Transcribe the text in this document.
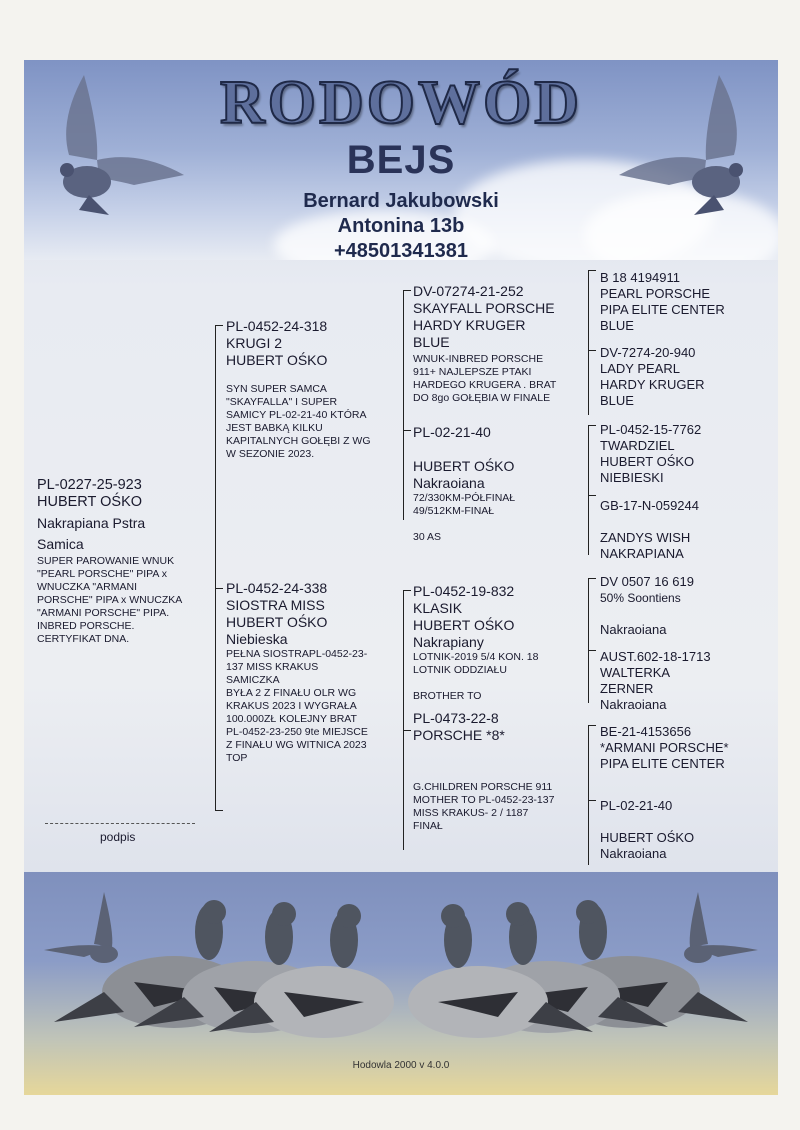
RODOWÓD
BEJS
Bernard Jakubowski
Antonina 13b
+48501341381
Hodowla 2000 v 4.0.0
PL-0227-25-923
HUBERT OŚKO
Nakrapiana Pstra
Samica
SUPER PAROWANIE WNUK
"PEARL PORSCHE" PIPA x
WNUCZKA "ARMANI
PORSCHE" PIPA x WNUCZKA
"ARMANI PORSCHE" PIPA.
INBRED PORSCHE.
CERTYFIKAT DNA.
podpis
PL-0452-24-318
KRUGI 2
HUBERT OŚKO
SYN SUPER SAMCA
"SKAYFALLA" I SUPER
SAMICY PL-02-21-40 KTÓRA
JEST BABKĄ KILKU
KAPITALNYCH GOŁĘBI Z WG
W SEZONIE 2023.
PL-0452-24-338
SIOSTRA MISS
HUBERT OŚKO
Niebieska
PEŁNA SIOSTRAPL-0452-23-
137 MISS KRAKUS
SAMICZKA
BYŁA 2 Z FINAŁU OLR WG
KRAKUS 2023 I WYGRAŁA
100.000ZŁ KOLEJNY BRAT
PL-0452-23-250 9te MIEJSCE
Z FINAŁU WG WITNICA 2023
TOP
DV-07274-21-252
SKAYFALL PORSCHE
HARDY KRUGER
BLUE
WNUK-INBRED PORSCHE
911+ NAJLEPSZE PTAKI
HARDEGO KRUGERA . BRAT
DO 8go GOŁĘBIA W FINALE
PL-02-21-40
HUBERT OŚKO
Nakraoiana
72/330KM-PÓŁFINAŁ
49/512KM-FINAŁ
30 AS
PL-0452-19-832
KLASIK
HUBERT OŚKO
Nakrapiany
LOTNIK-2019 5/4 KON. 18
LOTNIK ODDZIAŁU
BROTHER TO
PL-0473-22-8
PORSCHE *8*
G.CHILDREN PORSCHE 911
MOTHER TO PL-0452-23-137
MISS KRAKUS- 2 / 1187
FINAŁ
B 18 4194911
PEARL PORSCHE
PIPA ELITE CENTER
BLUE
DV-7274-20-940
LADY PEARL
HARDY KRUGER
BLUE
PL-0452-15-7762
TWARDZIEL
HUBERT OŚKO
NIEBIESKI
GB-17-N-059244
ZANDYS WISH
NAKRAPIANA
DV 0507 16 619
50% Soontiens
Nakraoiana
AUST.602-18-1713
WALTERKA
ZERNER
Nakraoiana
BE-21-4153656
*ARMANI PORSCHE*
PIPA ELITE CENTER
PL-02-21-40
HUBERT OŚKO
Nakraoiana
